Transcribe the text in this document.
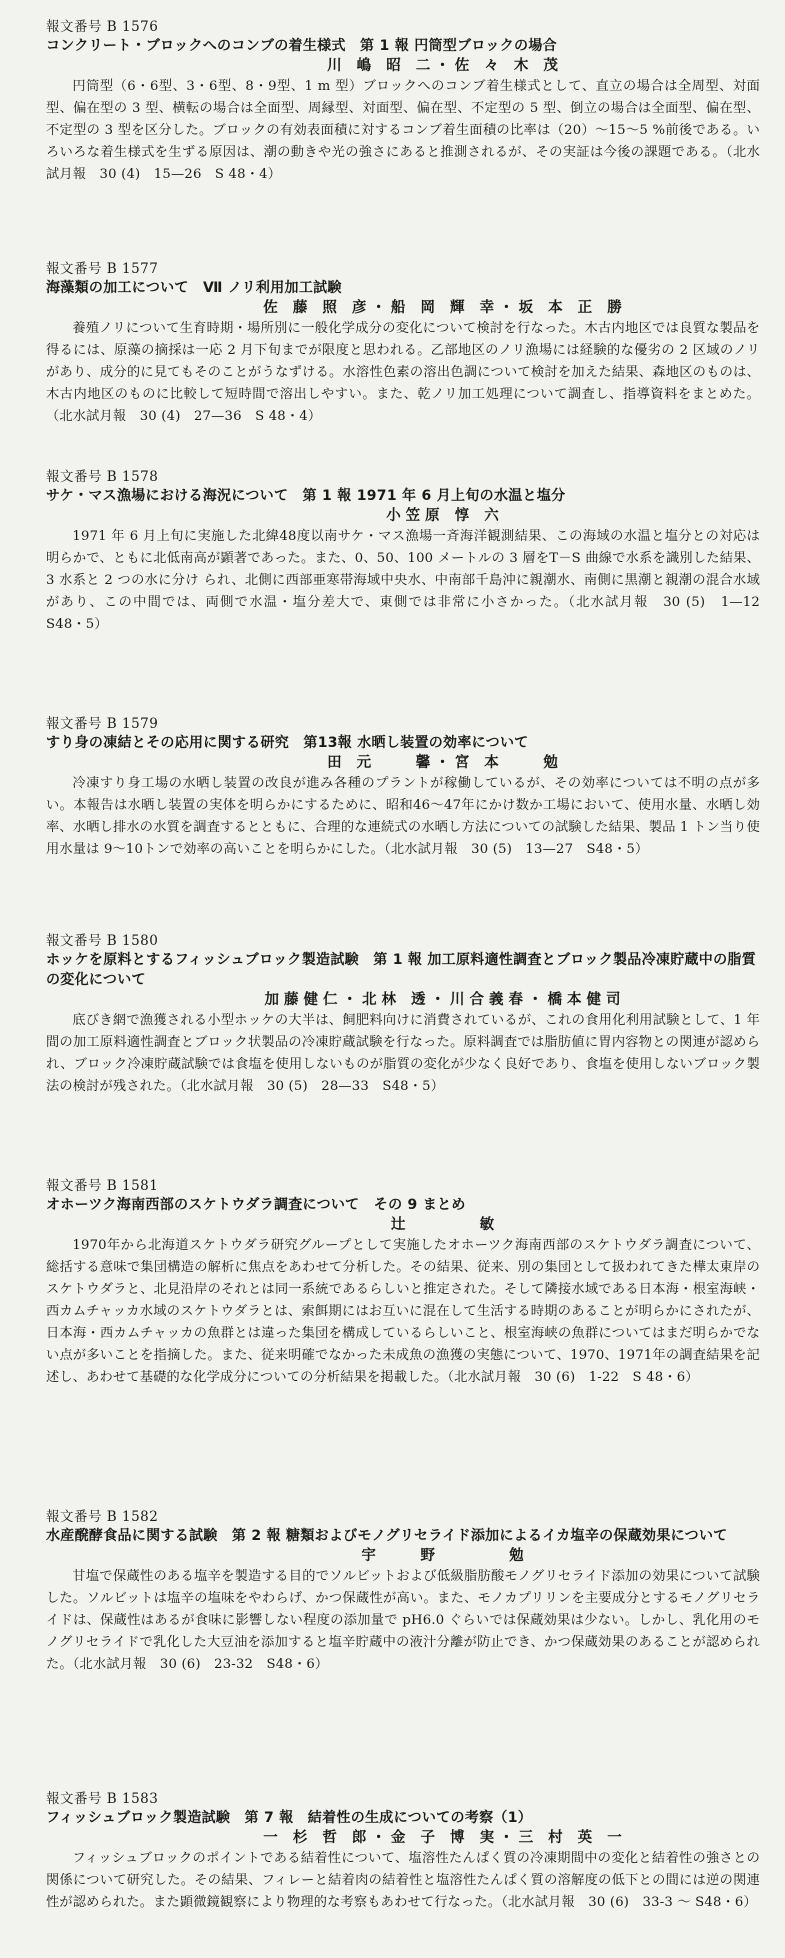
報文番号 B 1576
コンクリート・ブロックへのコンブの着生様式　第 1 報 円筒型ブロックの場合
川 嶋 昭 二・佐 々 木 茂
円筒型（6・6型、3・6型、8・9型、1 m 型）ブロックへのコンブ着生様式として、直立の場合は全周型、対面型、偏在型の 3 型、横転の場合は全面型、周縁型、対面型、偏在型、不定型の 5 型、倒立の場合は全面型、偏在型、不定型の 3 型を区分した。ブロックの有効表面積に対するコンブ着生面積の比率は（20）〜15〜5 %前後である。いろいろな着生様式を生ずる原因は、潮の動きや光の強さにあると推測されるが、その実証は今後の課題である。（北水試月報　30 (4)　15—26　S 48・4）
報文番号 B 1577
海藻類の加工について　Ⅶ ノリ利用加工試験
佐 藤 照 彦・船 岡 輝 幸・坂 本 正 勝
養殖ノリについて生育時期・場所別に一般化学成分の変化について検討を行なった。木古内地区では良質な製品を得るには、原藻の摘採は一応 2 月下旬までが限度と思われる。乙部地区のノリ漁場には経験的な優劣の 2 区域のノリがあり、成分的に見てもそのことがうなずける。水溶性色素の溶出色調について検討を加えた結果、森地区のものは、木古内地区のものに比較して短時間で溶出しやすい。また、乾ノリ加工処理について調査し、指導資料をまとめた。（北水試月報　30 (4)　27—36　S 48・4）
報文番号 B 1578
サケ・マス漁場における海況について　第 1 報 1971 年 6 月上旬の水温と塩分
小笠原 惇 六
1971 年 6 月上旬に実施した北緯48度以南サケ・マス漁場一斉海洋観測結果、この海域の水温と塩分との対応は明らかで、ともに北低南高が顕著であった。また、0、50、100 メートルの 3 層をT－S 曲線で水系を識別した結果、3 水系と 2 つの水に分け られ、北側に西部亜寒帯海域中央水、中南部千島沖に親潮水、南側に黒潮と親潮の混合水域があり、この中間では、両側で水温・塩分差大で、東側では非常に小さかった。（北水試月報　30 (5)　1—12　S48・5）
報文番号 B 1579
すり身の凍結とその応用に関する研究　第13報 水晒し装置の効率について
田 元 　 馨・宮 本 　 勉
冷凍すり身工場の水晒し装置の改良が進み各種のプラントが稼働しているが、その効率については不明の点が多い。本報告は水晒し装置の実体を明らかにするために、昭和46〜47年にかけ数か工場において、使用水量、水晒し効率、水晒し排水の水質を調査するとともに、合理的な連続式の水晒し方法についての試験した結果、製品 1 トン当り使用水量は 9〜10トンで効率の高いことを明らかにした。（北水試月報　30 (5)　13—27　S48・5）
報文番号 B 1580
ホッケを原料とするフィッシュブロック製造試験　第 1 報 加工原料適性調査とブロック製品冷凍貯蔵中の脂質の変化について
加藤健仁・北林 透・川合義春・橋本健司
底びき網で漁獲される小型ホッケの大半は、飼肥料向けに消費されているが、これの食用化利用試験として、1 年間の加工原料適性調査とブロック状製品の冷凍貯蔵試験を行なった。原料調査では脂肪値に胃内容物との関連が認められ、ブロック冷凍貯蔵試験では食塩を使用しないものが脂質の変化が少なく良好であり、食塩を使用しないブロック製法の検討が残された。（北水試月報　30 (5)　28—33　S48・5）
報文番号 B 1581
オホーツク海南西部のスケトウダラ調査について　その 9 まとめ
辻 　 　 敏
1970年から北海道スケトウダラ研究グループとして実施したオホーツク海南西部のスケトウダラ調査について、総括する意味で集団構造の解析に焦点をあわせて分析した。その結果、従来、別の集団として扱われてきた樺太東岸のスケトウダラと、北見沿岸のそれとは同一系統であるらしいと推定された。そして隣接水域である日本海・根室海峡・西カムチャッカ水域のスケトウダラとは、索餌期にはお互いに混在して生活する時期のあることが明らかにされたが、日本海・西カムチャッカの魚群とは違った集団を構成しているらしいこと、根室海峡の魚群についてはまだ明らかでない点が多いことを指摘した。また、従来明確でなかった未成魚の漁獲の実態について、1970、1971年の調査結果を記述し、あわせて基礎的な化学成分についての分析結果を掲載した。（北水試月報　30 (6)　1-22　S 48・6）
報文番号 B 1582
水産醗酵食品に関する試験　第 2 報 糖類およびモノグリセライド添加によるイカ塩辛の保蔵効果について
宇 　 野 　 　 勉
甘塩で保蔵性のある塩辛を製造する目的でソルビットおよび低級脂肪酸モノグリセライド添加の効果について試験した。ソルビットは塩辛の塩味をやわらげ、かつ保蔵性が高い。また、モノカプリリンを主要成分とするモノグリセライドは、保蔵性はあるが食味に影響しない程度の添加量で pH6.0 ぐらいでは保蔵効果は少ない。しかし、乳化用のモノグリセライドで乳化した大豆油を添加すると塩辛貯蔵中の液汁分離が防止でき、かつ保蔵効果のあることが認められた。（北水試月報　30 (6)　23-32　S48・6）
報文番号 B 1583
フィッシュブロック製造試験　第 7 報　結着性の生成についての考察（1）
一 杉 哲 郎・金 子 博 実・三 村 英 一
フィッシュブロックのポイントである結着性について、塩溶性たんぱく質の冷凍期間中の変化と結着性の強さとの関係について研究した。その結果、フィレーと結着肉の結着性と塩溶性たんぱく質の溶解度の低下との間には逆の関連性が認められた。また顕微鏡観察により物理的な考察もあわせて行なった。（北水試月報　30 (6)　33-3 〜 S48・6）
